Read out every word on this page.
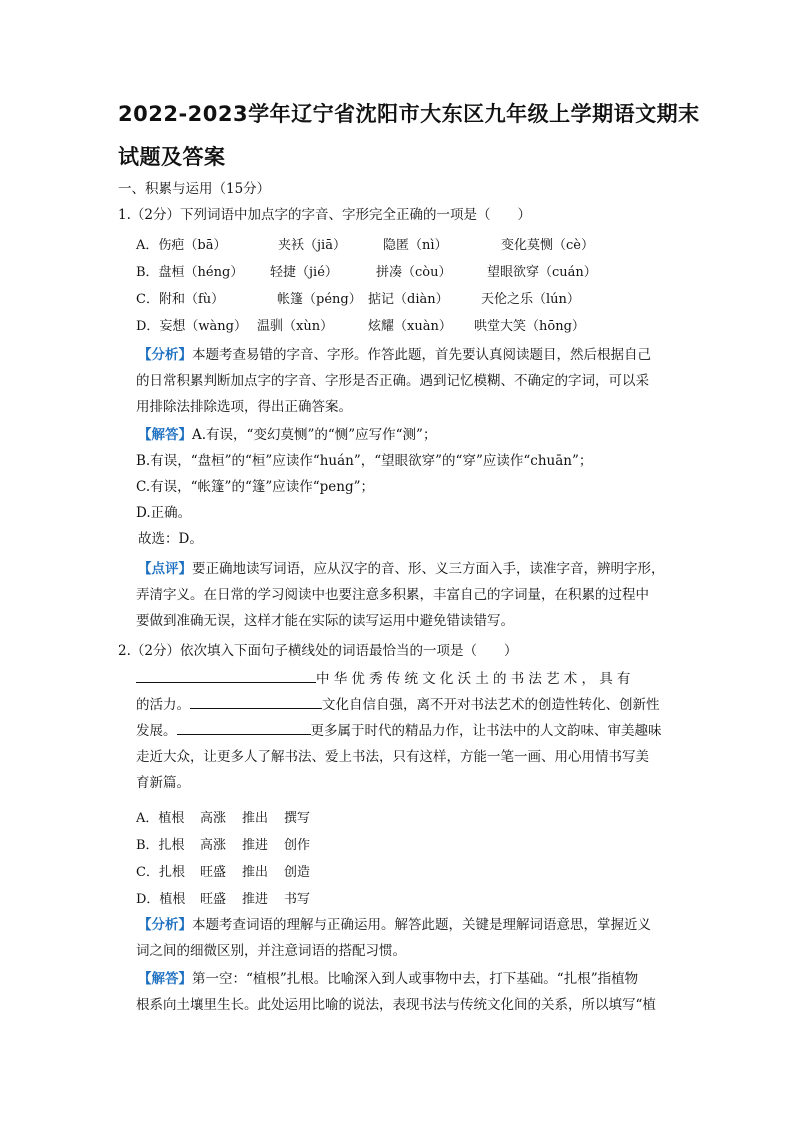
2022-2023学年辽宁省沈阳市大东区九年级上学期语文期末
试题及答案
一、积累与运用（15分）
1.（2分）下列词语中加点字的字音、字形完全正确的一项是（　　）
A．伤疤（bā）	夹袄（jiā）	隐匿（nì）	变化莫恻（cè）
B．盘桓（héng） 轻捷（jié）	拼凑（còu）	望眼欲穿（cuán）
C．附和（fù）	帐篷（péng） 掂记（diàn） 天伦之乐（lún）
D．妄想（wàng） 温驯（xùn）	炫耀（xuàn） 哄堂大笑（hōng）
【分析】本题考查易错的字音、字形。作答此题，首先要认真阅读题目，然后根据自己
的日常积累判断加点字的字音、字形是否正确。遇到记忆模糊、不确定的字词，可以采
用排除法排除选项，得出正确答案。
【解答】A.有误，“变幻莫恻”的“恻”应写作“测”；
B.有误，“盘桓”的“桓”应读作“huán”，“望眼欲穿”的“穿”应读作“chuān”；
C.有误，“帐篷”的“篷”应读作“peng”；
D.正确。
故选：D。
【点评】要正确地读写词语，应从汉字的音、形、义三方面入手，读准字音，辨明字形，
弄清字义。在日常的学习阅读中也要注意多积累，丰富自己的字词量，在积累的过程中
要做到准确无误，这样才能在实际的读写运用中避免错读错写。
2.（2分）依次填入下面句子横线处的词语最恰当的一项是（　　）
中华优秀传统文化沃土的书法艺术，具有
的活力。	文化自信自强，离不开对书法艺术的创造性转化、创新性
发展。	更多属于时代的精品力作，让书法中的人文韵味、审美趣味
走近大众，让更多人了解书法、爱上书法，只有这样，方能一笔一画、用心用情书写美
育新篇。
A．植根 高涨 推出 撰写
B．扎根 高涨 推进 创作
C．扎根 旺盛 推出 创造
D．植根 旺盛 推进 书写
【分析】本题考查词语的理解与正确运用。解答此题，关键是理解词语意思，掌握近义
词之间的细微区别，并注意词语的搭配习惯。
【解答】第一空：“植根”扎根。比喻深入到人或事物中去，打下基础。“扎根”指植物
根系向土壤里生长。此处运用比喻的说法，表现书法与传统文化间的关系，所以填写“植
